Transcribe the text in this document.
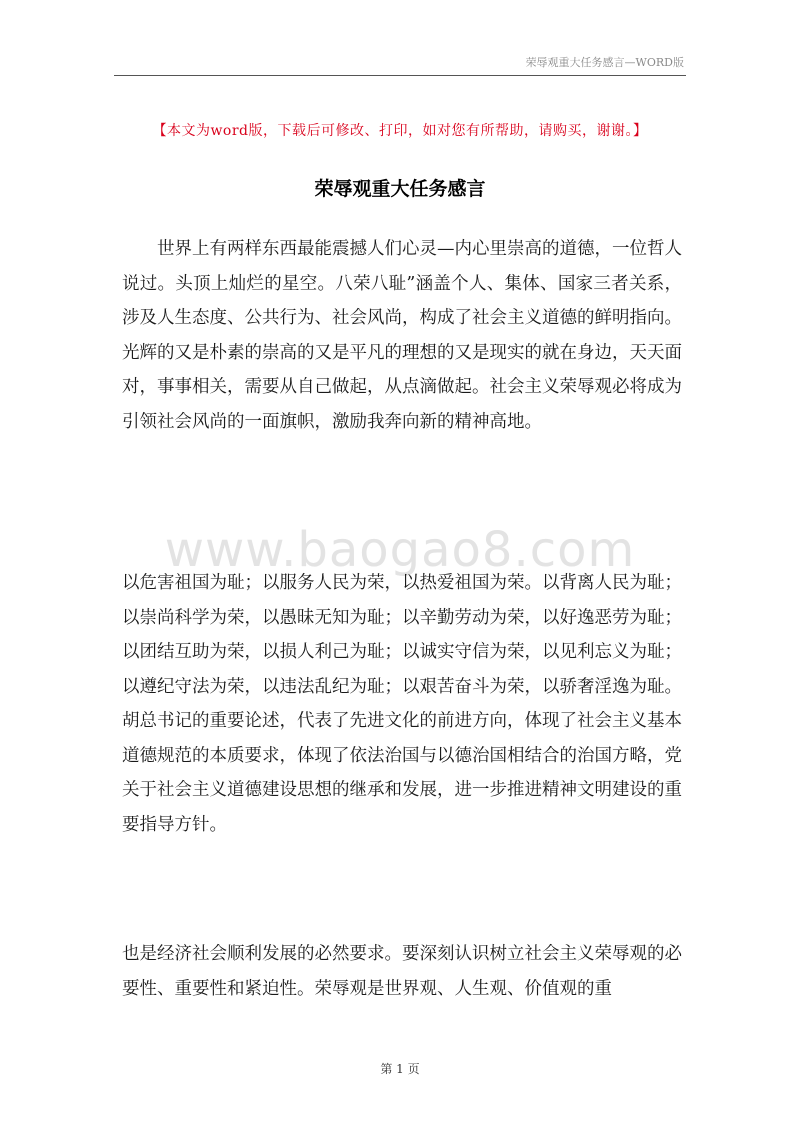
荣辱观重大任务感言—WORD版
【本文为word版，下载后可修改、打印，如对您有所帮助，请购买，谢谢。】
荣辱观重大任务感言

世界上有两样东西最能震撼人们心灵—内心里崇高的道德，一位哲人说过。头顶上灿烂的星空。八荣八耻”涵盖个人、集体、国家三者关系，涉及人生态度、公共行为、社会风尚，构成了社会主义道德的鲜明指向。光辉的又是朴素的崇高的又是平凡的理想的又是现实的就在身边，天天面对，事事相关，需要从自己做起，从点滴做起。社会主义荣辱观必将成为引领社会风尚的一面旗帜，激励我奔向新的精神高地。

www.baogao8.com

以危害祖国为耻；以服务人民为荣，以热爱祖国为荣。以背离人民为耻；以崇尚科学为荣，以愚昧无知为耻；以辛勤劳动为荣，以好逸恶劳为耻；以团结互助为荣，以损人利己为耻；以诚实守信为荣，以见利忘义为耻；以遵纪守法为荣，以违法乱纪为耻；以艰苦奋斗为荣，以骄奢淫逸为耻。胡总书记的重要论述，代表了先进文化的前进方向，体现了社会主义基本道德规范的本质要求，体现了依法治国与以德治国相结合的治国方略，党关于社会主义道德建设思想的继承和发展，进一步推进精神文明建设的重要指导方针。

也是经济社会顺利发展的必然要求。要深刻认识树立社会主义荣辱观的必要性、重要性和紧迫性。荣辱观是世界观、人生观、价值观的重

第 1 页
